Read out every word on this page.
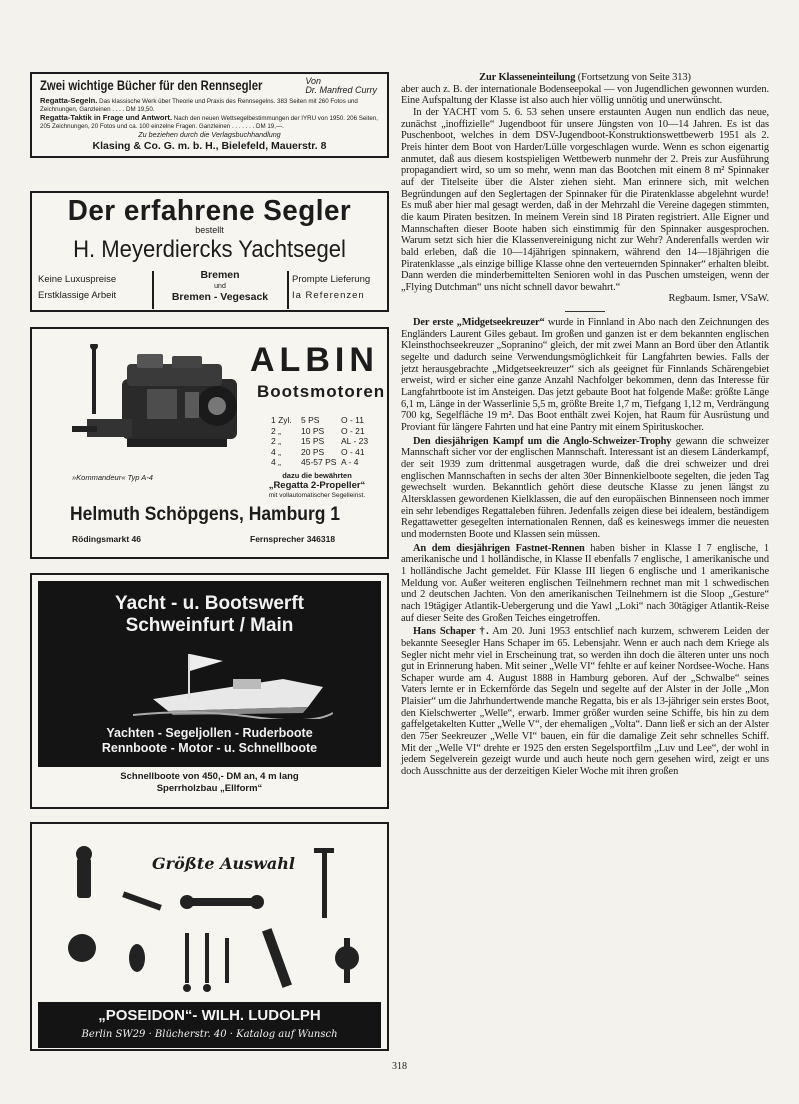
Zwei wichtige Bücher für den Rennsegler	Von
Dr. Manfred Curry

Regatta-Segeln. Das klassische Werk über Theorie und Praxis des Rennsegelns. 383 Seiten mit 260 Fotos und Zeichnungen, Ganzleinen . . . . DM 19,50.

Regatta-Taktik in Frage und Antwort. Nach den neuen Wettsegelbestimmungen der IYRU von 1950. 206 Seiten, 205 Zeichnungen, 20 Fotos und ca. 100 einzelne Fragen. Ganzleinen . . . . . . . DM 19,—.

Zu beziehen durch die Verlagsbuchhandlung

Klasing & Co. G. m. b. H., Bielefeld, Mauerstr. 8

Der erfahrene Segler
bestellt
H. Meyerdiercks Yachtsegel
Keine Luxuspreise
Erstklassige Arbeit
Bremen
und
Bremen - Vegesack
Prompte Lieferung
Ia Referenzen
ALBIN
Bootsmotoren
1 Zyl. 5 PS	O - 11
2 „ 10 PS O - 21
2 „ 15 PS AL - 23
4 „ 20 PS O - 41
4 „ 45-57 PS A - 4
dazu die bewährten
„Regatta 2-Propeller“
mit vollautomatischer Segelleinst.
»Kommandeur« Typ A-4
Helmuth Schöpgens, Hamburg 1
Rödingsmarkt 46	Fernsprecher 346318
Yacht - u. Bootswerft
Schweinfurt / Main
Yachten - Segeljollen - Ruderboote
Rennboote - Motor - u. Schnellboote
Schnellboote von 450,- DM an, 4 m lang
Sperrholzbau „Ellform“
Größte Auswahl
„POSEIDON“- WILH. LUDOLPH
Berlin SW29 · Blücherstr. 40 · Katalog auf Wunsch

Zur Klasseneinteilung (Fortsetzung von Seite 313)

aber auch z. B. der internationale Bodenseepokal — von Jugendlichen gewonnen wurden. Eine Aufspaltung der Klasse ist also auch hier völlig unnötig und unerwünscht.

In der YACHT vom 5. 6. 53 sehen unsere erstaunten Augen nun endlich das neue, zunächst „inoffizielle“ Jugendboot für unsere Jüngsten von 10—14 Jahren. Es ist das Puschenboot, welches in dem DSV-Jugendboot-Konstruktionswettbewerb 1951 als 2. Preis hinter dem Boot von Harder/Lülle vorgeschlagen wurde. Wenn es schon eigenartig anmutet, daß aus diesem kostspieligen Wettbewerb nunmehr der 2. Preis zur Ausführung propagandiert wird, so um so mehr, wenn man das Bootchen mit einem 8 m² Spinnaker auf der Titelseite über die Alster ziehen sieht. Man erinnere sich, mit welchen Begründungen auf den Seglertagen der Spinnaker für die Piratenklasse abgelehnt wurde! Es muß aber hier mal gesagt werden, daß in der Mehrzahl die Vereine dagegen stimmten, die kaum Piraten besitzen. In meinem Verein sind 18 Piraten registriert. Alle Eigner und Mannschaften dieser Boote haben sich einstimmig für den Spinnaker ausgesprochen. Warum setzt sich hier die Klassenvereinigung nicht zur Wehr? Anderenfalls werden wir bald erleben, daß die 10—14jährigen spinnakern, während den 14—18jährigen die Piratenklasse „als einzige billige Klasse ohne den verteuernden Spinnaker“ erhalten bleibt. Dann werden die minderbemittelten Senioren wohl in das Puschen umsteigen, wenn der „Flying Dutchman“ uns nicht schnell davor bewahrt.“

Regbaum. Ismer, VSaW.

Der erste „Midgetseekreuzer“ wurde in Finnland in Abo nach den Zeichnungen des Engländers Laurent Giles gebaut. Im großen und ganzen ist er dem bekannten englischen Kleinsthochseekreuzer „Sopranino“ gleich, der mit zwei Mann an Bord über den Atlantik segelte und dadurch seine Verwendungsmöglichkeit für Langfahrten bewies. Falls der jetzt herausgebrachte „Midgetseekreuzer“ sich als geeignet für Finnlands Schärengebiet erweist, wird er sicher eine ganze Anzahl Nachfolger bekommen, denn das Interesse für Langfahrtboote ist im Ansteigen. Das jetzt gebaute Boot hat folgende Maße: größte Länge 6,1 m, Länge in der Wasserlinie 5,5 m, größte Breite 1,7 m, Tiefgang 1,12 m, Verdrängung 700 kg, Segelfläche 19 m². Das Boot enthält zwei Kojen, hat Raum für Ausrüstung und Proviant für längere Fahrten und hat eine Pantry mit einem Spirituskocher.

Den diesjährigen Kampf um die Anglo-Schweizer-Trophy gewann die schweizer Mannschaft sicher vor der englischen Mannschaft. Interessant ist an diesem Länderkampf, der seit 1939 zum drittenmal ausgetragen wurde, daß die drei schweizer und drei englischen Mannschaften in sechs der alten 30er Binnenkielboote segelten, die jeden Tag gewechselt wurden. Bekanntlich gehört diese deutsche Klasse zu jenen längst zu Altersklassen gewordenen Kielklassen, die auf den europäischen Binnenseen noch immer ein sehr lebendiges Regattaleben führen. Jedenfalls zeigen diese bei idealem, beständigem Regattawetter gesegelten internationalen Rennen, daß es keineswegs immer die neuesten und modernsten Boote und Klassen sein müssen.

An dem diesjährigen Fastnet-Rennen haben bisher in Klasse I 7 englische, 1 amerikanische und 1 holländische, in Klasse II ebenfalls 7 englische, 1 amerikanische und 1 holländische Jacht gemeldet. Für Klasse III liegen 6 englische und 1 amerikanische Meldung vor. Außer weiteren englischen Teilnehmern rechnet man mit 1 schwedischen und 2 deutschen Jachten. Von den amerikanischen Teilnehmern ist die Sloop „Gesture“ nach 19tägiger Atlantik-Uebergerung und die Yawl „Loki“ nach 30tägiger Atlantik-Reise auf dieser Seite des Großen Teiches eingetroffen.

Hans Schaper †. Am 20. Juni 1953 entschlief nach kurzem, schwerem Leiden der bekannte Seesegler Hans Schaper im 65. Lebensjahr. Wenn er auch nach dem Kriege als Segler nicht mehr viel in Erscheinung trat, so werden ihn doch die älteren unter uns noch gut in Erinnerung haben. Mit seiner „Welle VI“ fehlte er auf keiner Nordsee-Woche. Hans Schaper wurde am 4. August 1888 in Hamburg geboren. Auf der „Schwalbe“ seines Vaters lernte er in Eckernförde das Segeln und segelte auf der Alster in der Jolle „Mon Plaisier“ um die Jahrhundertwende manche Regatta, bis er als 13-jähriger sein erstes Boot, den Kielschwerter „Welle“, erwarb. Immer größer wurden seine Schiffe, bis hin zu dem gaffelgetakelten Kutter „Welle V“, der ehemaligen „Volta“. Dann ließ er sich an der Alster den 75er Seekreuzer „Welle VI“ bauen, ein für die damalige Zeit sehr schnelles Schiff. Mit der „Welle VI“ drehte er 1925 den ersten Segelsportfilm „Luv und Lee“, der wohl in jedem Segelverein gezeigt wurde und auch heute noch gern gesehen wird, zeigt er uns doch Ausschnitte aus der derzeitigen Kieler Woche mit ihren großen

318
